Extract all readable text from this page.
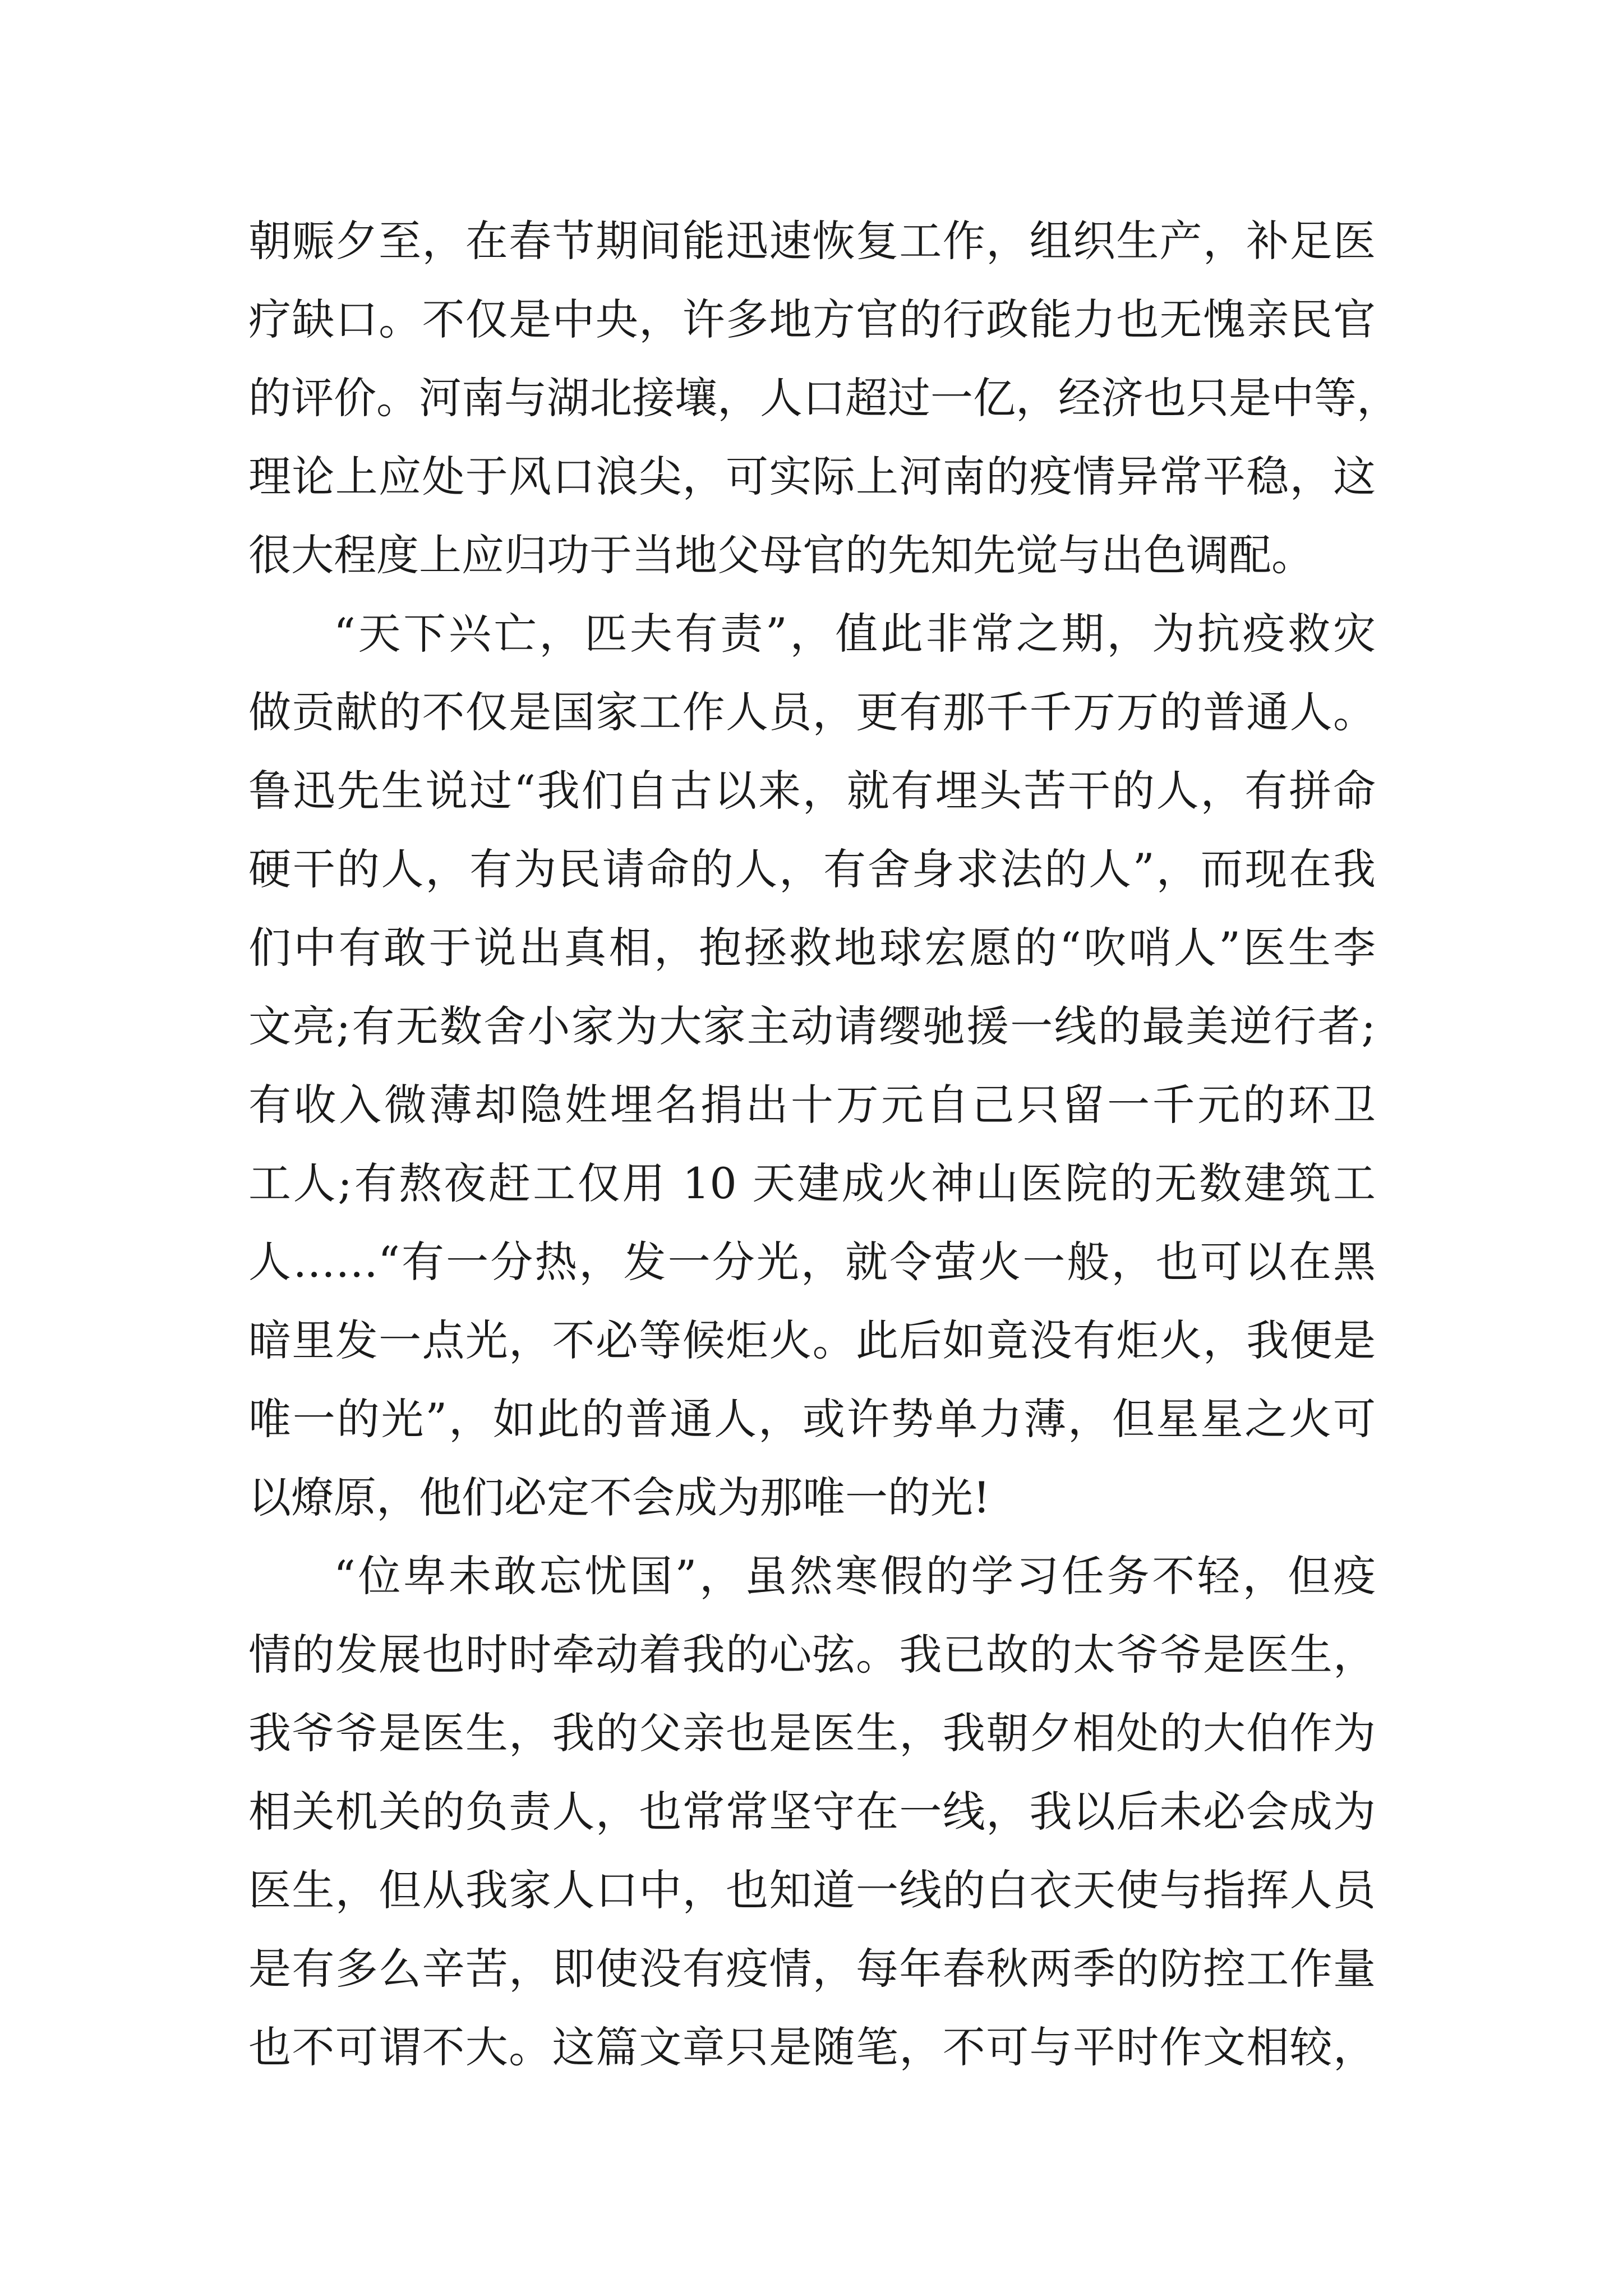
朝赈夕至，在春节期间能迅速恢复工作，组织生产，补足医
疗缺口。不仅是中央，许多地方官的行政能力也无愧亲民官
的评价。河南与湖北接壤，人口超过一亿，经济也只是中等，
理论上应处于风口浪尖，可实际上河南的疫情异常平稳，这
很大程度上应归功于当地父母官的先知先觉与出色调配。
“天下兴亡，匹夫有责”，值此非常之期，为抗疫救灾
做贡献的不仅是国家工作人员，更有那千千万万的普通人。
鲁迅先生说过“我们自古以来，就有埋头苦干的人，有拼命
硬干的人，有为民请命的人，有舍身求法的人”，而现在我
们中有敢于说出真相，抱拯救地球宏愿的“吹哨人”医生李
文亮;有无数舍小家为大家主动请缨驰援一线的最美逆行者;
有收入微薄却隐姓埋名捐出十万元自己只留一千元的环卫
工人;有熬夜赶工仅用 10 天建成火神山医院的无数建筑工
人……“有一分热，发一分光，就令萤火一般，也可以在黑
暗里发一点光，不必等候炬火。此后如竟没有炬火，我便是
唯一的光”，如此的普通人，或许势单力薄，但星星之火可
以燎原，他们必定不会成为那唯一的光!
“位卑未敢忘忧国”，虽然寒假的学习任务不轻，但疫
情的发展也时时牵动着我的心弦。我已故的太爷爷是医生，
我爷爷是医生，我的父亲也是医生，我朝夕相处的大伯作为
相关机关的负责人，也常常坚守在一线，我以后未必会成为
医生，但从我家人口中，也知道一线的白衣天使与指挥人员
是有多么辛苦，即使没有疫情，每年春秋两季的防控工作量
也不可谓不大。这篇文章只是随笔，不可与平时作文相较，
